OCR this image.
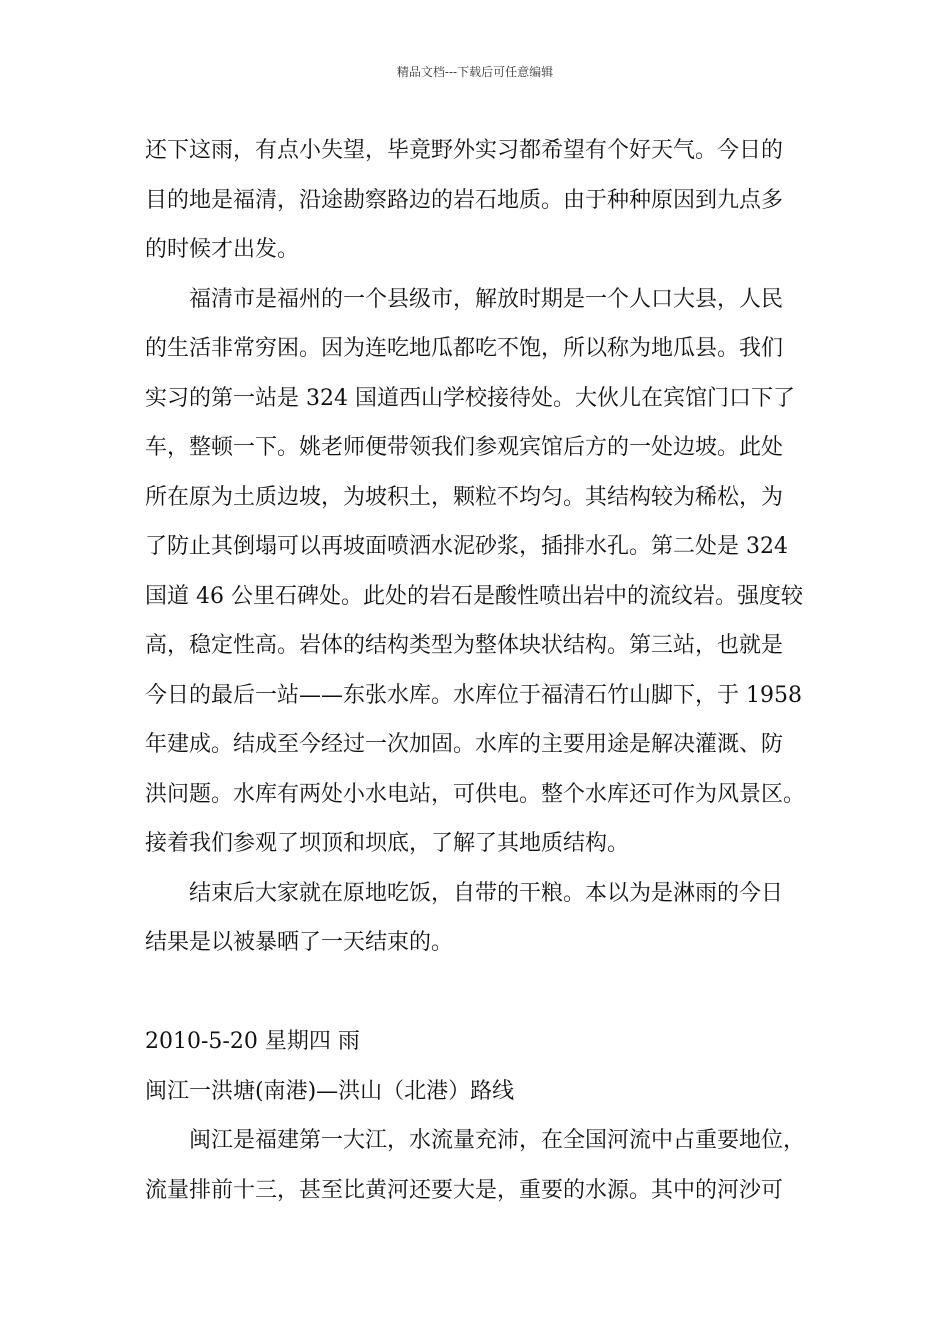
精品文档---下载后可任意编辑
还下这雨，有点小失望，毕竟野外实习都希望有个好天气。今日的
目的地是福清，沿途勘察路边的岩石地质。由于种种原因到九点多
的时候才出发。
福清市是福州的一个县级市，解放时期是一个人口大县，人民
的生活非常穷困。因为连吃地瓜都吃不饱，所以称为地瓜县。我们
实习的第一站是 324 国道西山学校接待处。大伙儿在宾馆门口下了
车，整顿一下。姚老师便带领我们参观宾馆后方的一处边坡。此处
所在原为土质边坡，为坡积土，颗粒不均匀。其结构较为稀松，为
了防止其倒塌可以再坡面喷洒水泥砂浆，插排水孔。第二处是 324
国道 46 公里石碑处。此处的岩石是酸性喷出岩中的流纹岩。强度较
高，稳定性高。岩体的结构类型为整体块状结构。第三站，也就是
今日的最后一站——东张水库。水库位于福清石竹山脚下，于 1958
年建成。结成至今经过一次加固。水库的主要用途是解决灌溉、防
洪问题。水库有两处小水电站，可供电。整个水库还可作为风景区。
接着我们参观了坝顶和坝底，了解了其地质结构。
结束后大家就在原地吃饭，自带的干粮。本以为是淋雨的今日
结果是以被暴晒了一天结束的。
2010-5-20 星期四 雨
闽江一洪塘(南港)—洪山（北港）路线
闽江是福建第一大江，水流量充沛，在全国河流中占重要地位，
流量排前十三，甚至比黄河还要大是，重要的水源。其中的河沙可
